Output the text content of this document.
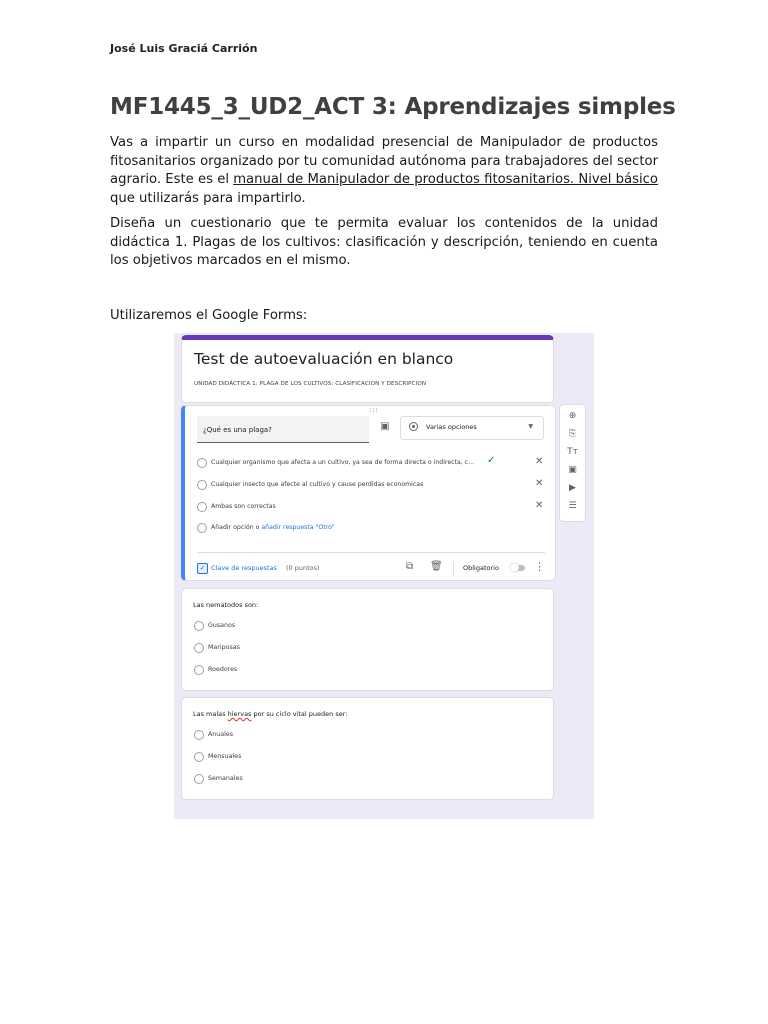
José Luis Graciá Carrión
MF1445_3_UD2_ACT 3: Aprendizajes simples
Vas a impartir un curso en modalidad presencial de Manipulador de productos fitosanitarios organizado por tu comunidad autónoma para trabajadores del sector agrario. Este es el manual de Manipulador de productos fitosanitarios. Nivel básico que utilizarás para impartirlo.
Diseña un cuestionario que te permita evaluar los contenidos de la unidad didáctica 1. Plagas de los cultivos: clasificación y descripción, teniendo en cuenta los objetivos marcados en el mismo.
Utilizaremos el Google Forms:
Test de autoevaluación en blanco
UNIDAD DIDÁCTICA 1: PLAGA DE LOS CULTIVOS: CLASIFICACION Y DESCRIPCION
⁝⁝⁝
¿Qué es una plaga?	▣	Varias opciones	▼
Cualquier organismo que afecta a un cultivo, ya sea de forma directa o indirecta, c... ✓	✕
Cualquier insecto que afecte al cultivo y cause perdidas economicas	✕
Ambas son correctas	✕
Añadir opción o añadir respuesta "Otro"
✓ Clave de respuestas (0 puntos)	⧉ 🗑	Obligatorio	⋮
⊕
⎘
Tт
▣
▶
☰
Las nematodos son:
Gusanos
Mariposas
Roedores
Las malas hiervas por su ciclo vital pueden ser:
Anuales
Mensuales
Semanales
